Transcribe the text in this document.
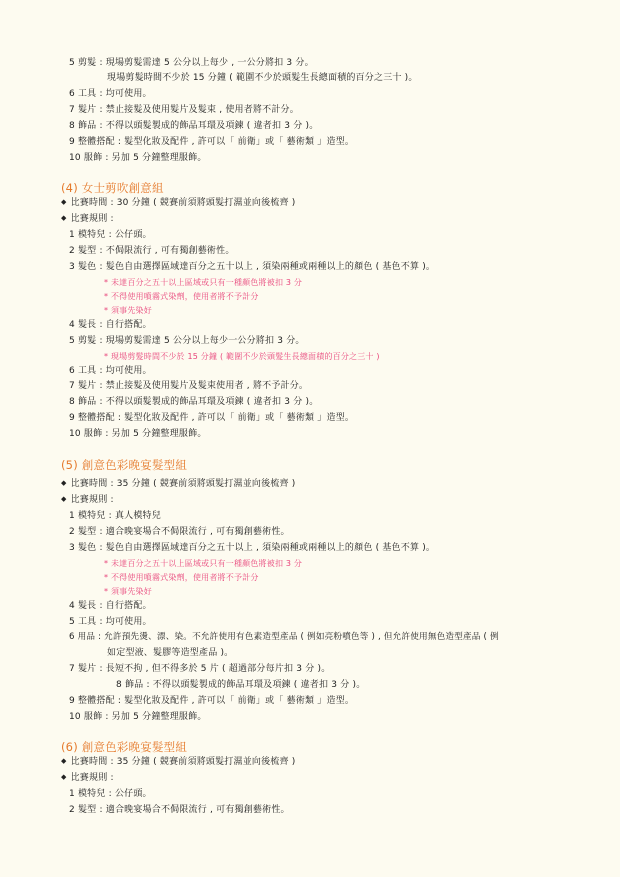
5 剪髮 : 現場剪髮需達 5 公分以上每少 , 一公分將扣 3 分。
現場剪髮時間不少於 15 分鐘 ( 範圍不少於頭髮生長總面積的百分之三十 )。
6 工具 : 均可使用。
7 髮片 : 禁止接髮及使用髮片及髮束 , 使用者將不計分。
8 飾品 : 不得以頭髮製成的飾品耳環及項鍊 ( 違者扣 3 分 )。
9 整體搭配 : 髮型化妝及配件 , 許可以「 前衛」或「 藝術類 」造型。
10 服飾 : 另加 5 分鐘整理服飾。
(4) 女士剪吹創意組
◆ 比賽時間 : 30 分鐘 ( 競賽前須將頭髮打濕並向後梳齊 )
◆ 比賽規則 :
1 模特兒 : 公仔頭。
2 髮型 : 不侷限流行 , 可有獨創藝術性。
3 髮色 : 髮色自由選擇區域達百分之五十以上 , 須染兩種或兩種以上的顏色 ( 基色不算 )。
* 未達百分之五十以上區域或只有一種顏色將被扣 3 分
* 不得使用噴霧式染劑，使用者將不予計分
* 須事先染好
4 髮長 : 自行搭配。
5 剪髮 : 現場剪髮需達 5 公分以上每少一公分將扣 3 分。
* 現場剪髮時間不少於 15 分鐘 ( 範圍不少於頭髮生長總面積的百分之三十 )
6 工具 : 均可使用。
7 髮片 : 禁止接髮及使用髮片及髮束使用者 , 將不予計分。
8 飾品 : 不得以頭髮製成的飾品耳環及項鍊 ( 違者扣 3 分 )。
9 整體搭配 : 髮型化妝及配件 , 許可以「 前衛」或「 藝術類 」造型。
10 服飾 : 另加 5 分鐘整理服飾。
(5) 創意色彩晚宴髮型組
◆ 比賽時間 : 35 分鐘 ( 競賽前須將頭髮打濕並向後梳齊 )
◆ 比賽規則 :
1 模特兒 : 真人模特兒
2 髮型 : 適合晚宴場合不侷限流行 , 可有獨創藝術性。
3 髮色 : 髮色自由選擇區域達百分之五十以上 , 須染兩種或兩種以上的顏色 ( 基色不算 )。
* 未達百分之五十以上區域或只有一種顏色將被扣 3 分
* 不得使用噴霧式染劑，使用者將不予計分
* 須事先染好
4 髮長 : 自行搭配。
5 工具 : 均可使用。
6 用品 : 允許預先燙、漂、染。不允許使用有色素造型產品 ( 例如亮粉噴色等 ) , 但允許使用無色造型產品 ( 例
如定型液、髮膠等造型產品 )。
7 髮片 : 長短不拘 , 但不得多於 5 片 ( 超過部分每片扣 3 分 )。
8 飾品 : 不得以頭髮製成的飾品耳環及項鍊 ( 違者扣 3 分 )。
9 整體搭配 : 髮型化妝及配件 , 許可以「 前衛」或「 藝術類 」造型。
10 服飾 : 另加 5 分鐘整理服飾。
(6) 創意色彩晚宴髮型組
◆ 比賽時間 : 35 分鐘 ( 競賽前須將頭髮打濕並向後梳齊 )
◆ 比賽規則 :
1 模特兒 : 公仔頭。
2 髮型 : 適合晚宴場合不侷限流行 , 可有獨創藝術性。
